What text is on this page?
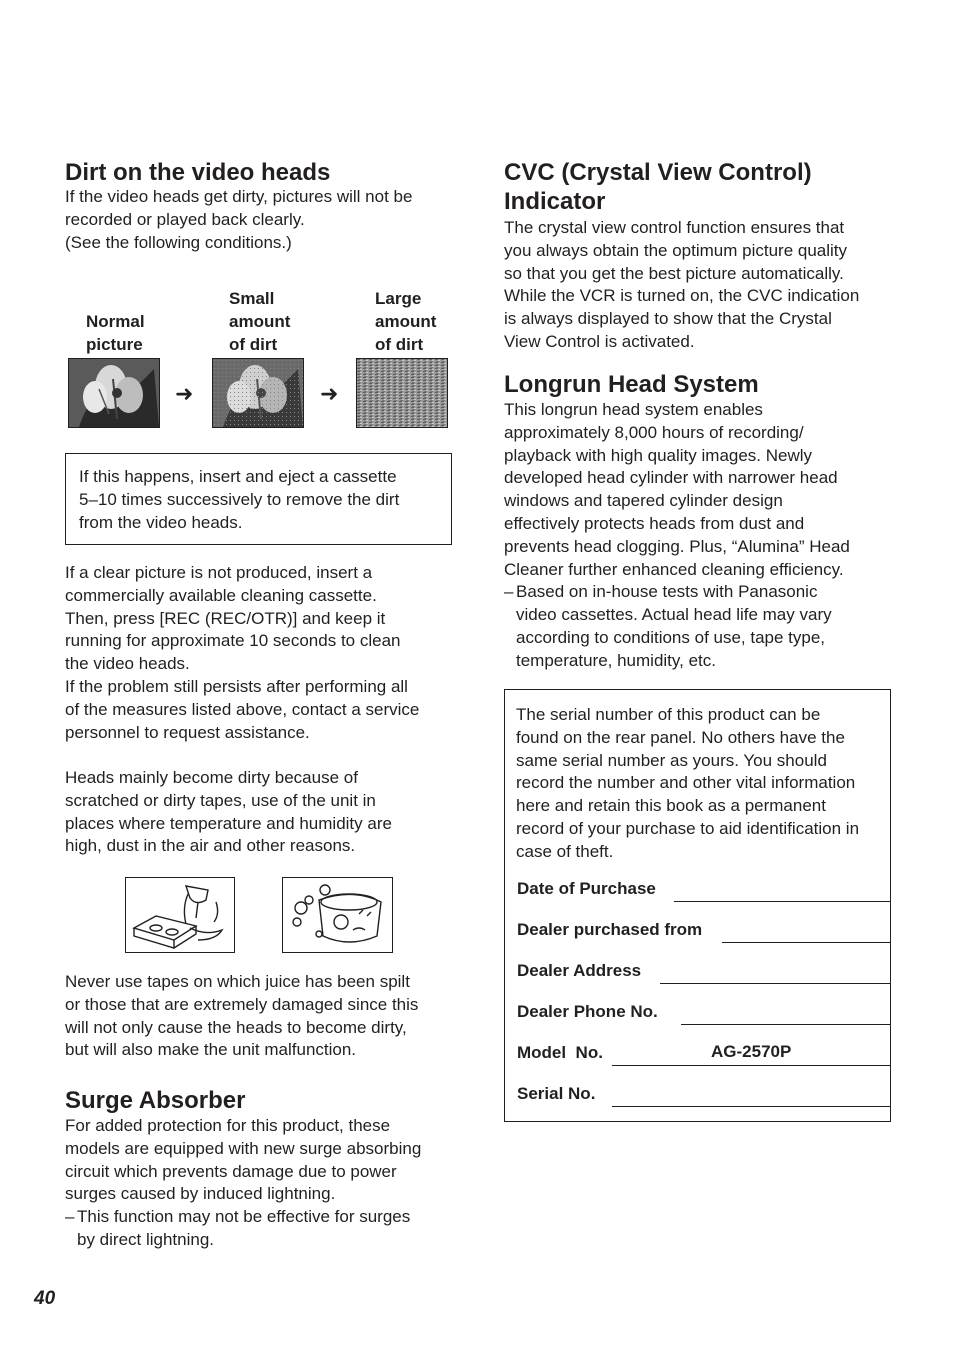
Dirt on the video heads
If the video heads get dirty, pictures will not be
recorded or played back clearly.
(See the following conditions.)
Normal
picture
Small
amount
of dirt
Large
amount
of dirt
➜	➜
If this happens, insert and eject a cassette
5–10 times successively to remove the dirt
from the video heads.
If a clear picture is not produced, insert a
commercially available cleaning cassette.
Then, press [REC (REC/OTR)] and keep it
running for approximate 10 seconds to clean
the video heads.
If the problem still persists after performing all
of the measures listed above, contact a service
personnel to request assistance.
Heads mainly become dirty because of
scratched or dirty tapes, use of the unit in
places where temperature and humidity are
high, dust in the air and other reasons.
Never use tapes on which juice has been spilt
or those that are extremely damaged since this
will not only cause the heads to become dirty,
but will also make the unit malfunction.
Surge Absorber
For added protection for this product, these
models are equipped with new surge absorbing
circuit which prevents damage due to power
surges caused by induced lightning.
– This function may not be effective for surges
by direct lightning.
CVC (Crystal View Control)
Indicator
The crystal view control function ensures that
you always obtain the optimum picture quality
so that you get the best picture automatically.
While the VCR is turned on, the CVC indication
is always displayed to show that the Crystal
View Control is activated.
Longrun Head System
This longrun head system enables
approximately 8,000 hours of recording/
playback with high quality images. Newly
developed head cylinder with narrower head
windows and tapered cylinder design
effectively protects heads from dust and
prevents head clogging. Plus, “Alumina” Head
Cleaner further enhanced cleaning efficiency.
– Based on in-house tests with Panasonic
video cassettes. Actual head life may vary
according to conditions of use, tape type,
temperature, humidity, etc.
The serial number of this product can be
found on the rear panel. No others have the
same serial number as yours. You should
record the number and other vital information
here and retain this book as a permanent
record of your purchase to aid identification in
case of theft.
Date of Purchase
Dealer purchased from
Dealer Address
Dealer Phone No.
Model  No.	AG-2570P
Serial No.
40
